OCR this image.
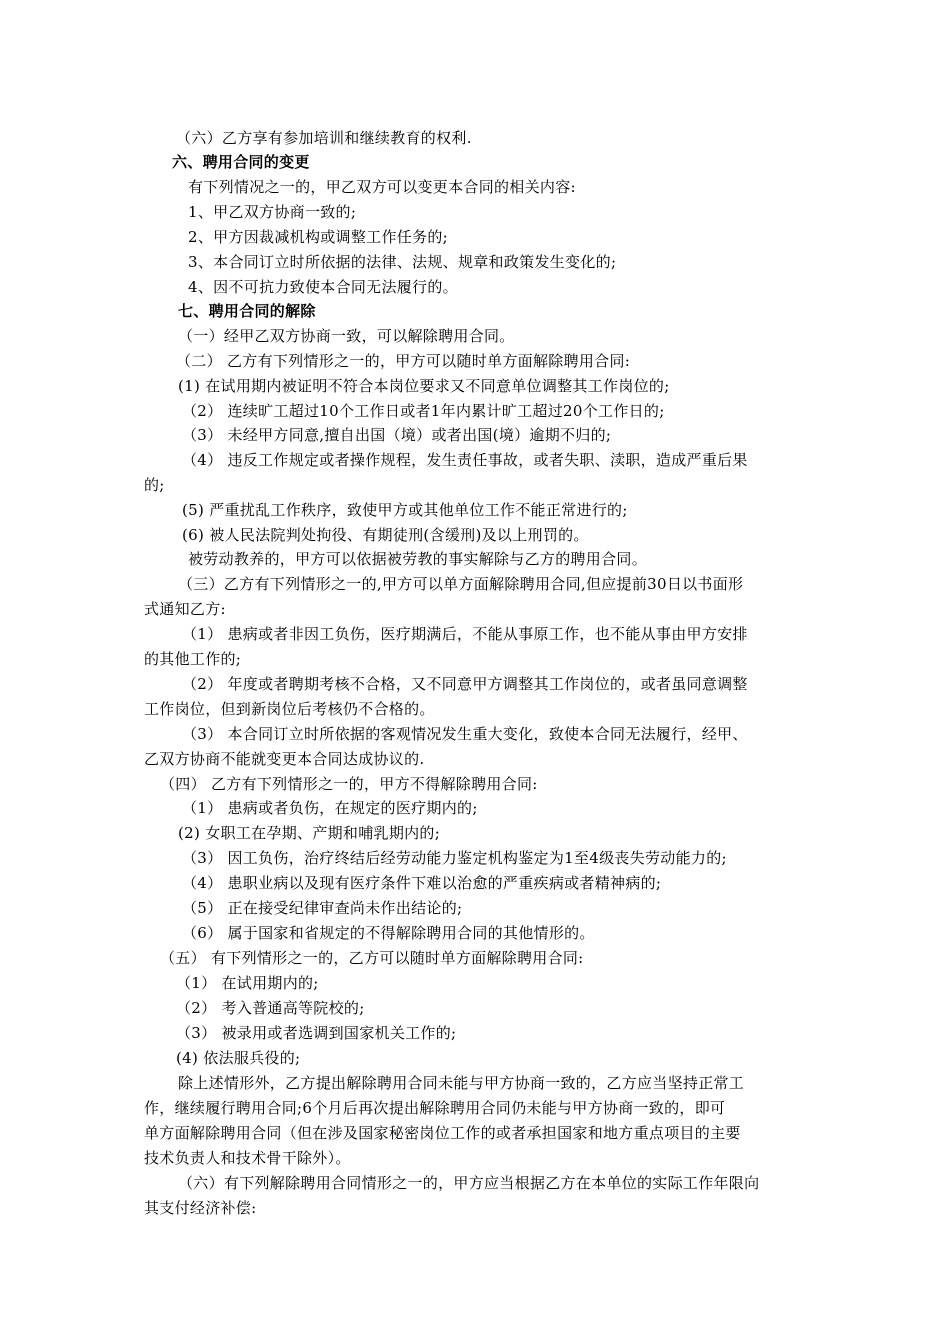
（六）乙方享有参加培训和继续教育的权利.
六、聘用合同的变更
有下列情况之一的，甲乙双方可以变更本合同的相关内容:
1、甲乙双方协商一致的;
2、甲方因裁减机构或调整工作任务的;
3、本合同订立时所依据的法律、法规、规章和政策发生变化的;
4、因不可抗力致使本合同无法履行的。
七、聘用合同的解除
（一）经甲乙双方协商一致，可以解除聘用合同。
（二） 乙方有下列情形之一的，甲方可以随时单方面解除聘用合同:
(1) 在试用期内被证明不符合本岗位要求又不同意单位调整其工作岗位的;
（2） 连续旷工超过10个工作日或者1年内累计旷工超过20个工作日的;
（3） 未经甲方同意,擅自出国（境）或者出国(境）逾期不归的;
（4） 违反工作规定或者操作规程，发生责任事故，或者失职、渎职，造成严重后果
的;
(5) 严重扰乱工作秩序，致使甲方或其他单位工作不能正常进行的;
(6) 被人民法院判处拘役、有期徒刑(含缓刑)及以上刑罚的。
被劳动教养的，甲方可以依据被劳教的事实解除与乙方的聘用合同。
（三）乙方有下列情形之一的,甲方可以单方面解除聘用合同,但应提前30日以书面形
式通知乙方:
（1） 患病或者非因工负伤，医疗期满后，不能从事原工作，也不能从事由甲方安排
的其他工作的;
（2） 年度或者聘期考核不合格，又不同意甲方调整其工作岗位的，或者虽同意调整
工作岗位，但到新岗位后考核仍不合格的。
（3） 本合同订立时所依据的客观情况发生重大变化，致使本合同无法履行，经甲、
乙双方协商不能就变更本合同达成协议的.
（四） 乙方有下列情形之一的，甲方不得解除聘用合同:
（1） 患病或者负伤，在规定的医疗期内的;
(2) 女职工在孕期、产期和哺乳期内的;
（3） 因工负伤，治疗终结后经劳动能力鉴定机构鉴定为1至4级丧失劳动能力的;
（4） 患职业病以及现有医疗条件下难以治愈的严重疾病或者精神病的;
（5） 正在接受纪律审查尚未作出结论的;
（6） 属于国家和省规定的不得解除聘用合同的其他情形的。
（五） 有下列情形之一的，乙方可以随时单方面解除聘用合同:
（1） 在试用期内的;
（2） 考入普通高等院校的;
（3） 被录用或者选调到国家机关工作的;
(4) 依法服兵役的;
除上述情形外，乙方提出解除聘用合同未能与甲方协商一致的，乙方应当坚持正常工
作，继续履行聘用合同;6个月后再次提出解除聘用合同仍未能与甲方协商一致的，即可
单方面解除聘用合同（但在涉及国家秘密岗位工作的或者承担国家和地方重点项目的主要
技术负责人和技术骨干除外）。
（六）有下列解除聘用合同情形之一的，甲方应当根据乙方在本单位的实际工作年限向
其支付经济补偿:
